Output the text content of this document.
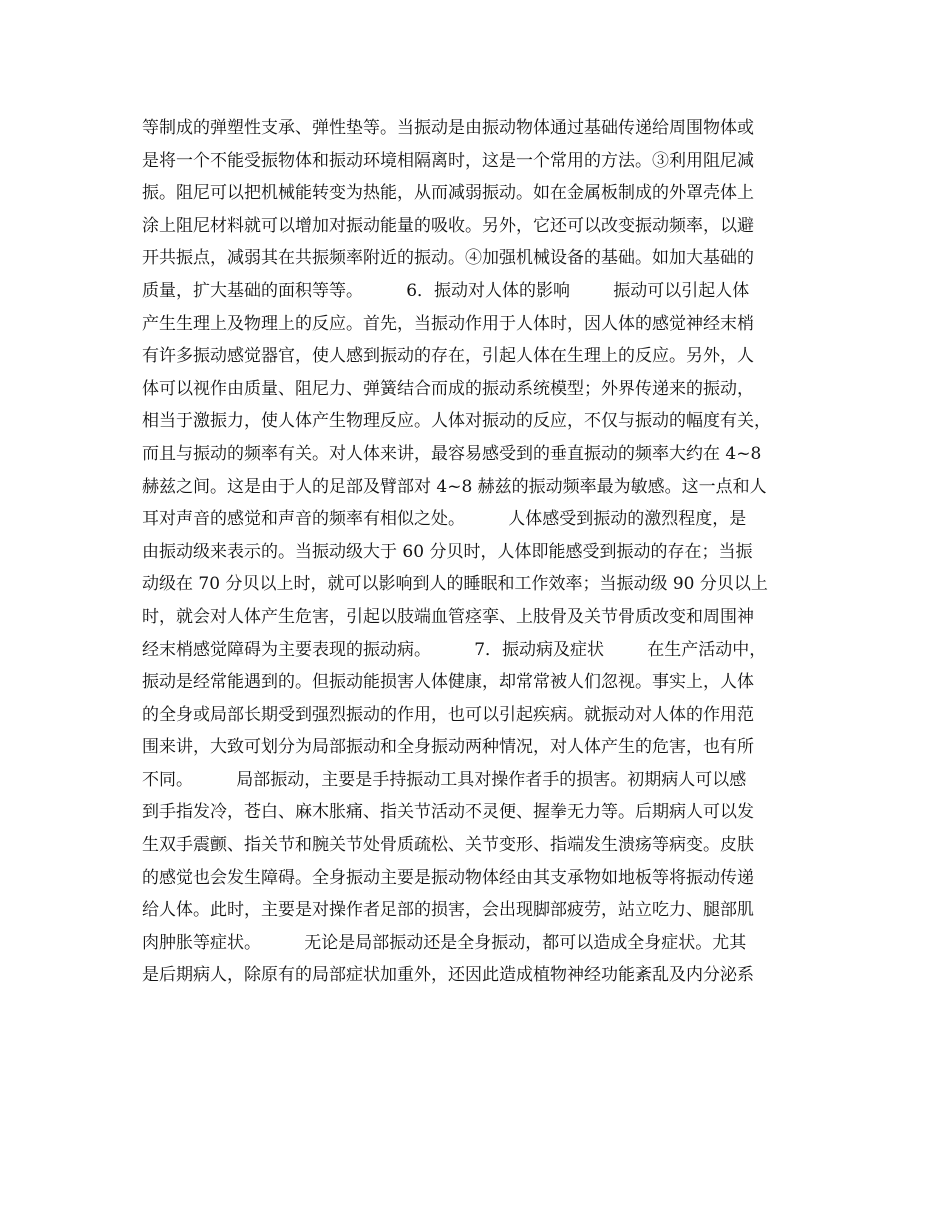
等制成的弹塑性支承、弹性垫等。当振动是由振动物体通过基础传递给周围物体或
是将一个不能受振物体和振动环境相隔离时，这是一个常用的方法。③利用阻尼减
振。阻尼可以把机械能转变为热能，从而减弱振动。如在金属板制成的外罩壳体上
涂上阻尼材料就可以增加对振动能量的吸收。另外，它还可以改变振动频率，以避
开共振点，减弱其在共振频率附近的振动。④加强机械设备的基础。如加大基础的
质量，扩大基础的面积等等。        6．振动对人体的影响        振动可以引起人体
产生生理上及物理上的反应。首先，当振动作用于人体时，因人体的感觉神经末梢
有许多振动感觉器官，使人感到振动的存在，引起人体在生理上的反应。另外，人
体可以视作由质量、阻尼力、弹簧结合而成的振动系统模型；外界传递来的振动，
相当于激振力，使人体产生物理反应。人体对振动的反应，不仅与振动的幅度有关，
而且与振动的频率有关。对人体来讲，最容易感受到的垂直振动的频率大约在 4~8
赫兹之间。这是由于人的足部及臂部对 4~8 赫兹的振动频率最为敏感。这一点和人
耳对声音的感觉和声音的频率有相似之处。        人体感受到振动的激烈程度，是
由振动级来表示的。当振动级大于 60 分贝时，人体即能感受到振动的存在；当振
动级在 70 分贝以上时，就可以影响到人的睡眠和工作效率；当振动级 90 分贝以上
时，就会对人体产生危害，引起以肢端血管痉挛、上肢骨及关节骨质改变和周围神
经末梢感觉障碍为主要表现的振动病。        7．振动病及症状        在生产活动中，
振动是经常能遇到的。但振动能损害人体健康，却常常被人们忽视。事实上，人体
的全身或局部长期受到强烈振动的作用，也可以引起疾病。就振动对人体的作用范
围来讲，大致可划分为局部振动和全身振动两种情况，对人体产生的危害，也有所
不同。        局部振动，主要是手持振动工具对操作者手的损害。初期病人可以感
到手指发冷，苍白、麻木胀痛、指关节活动不灵便、握拳无力等。后期病人可以发
生双手震颤、指关节和腕关节处骨质疏松、关节变形、指端发生溃疡等病变。皮肤
的感觉也会发生障碍。全身振动主要是振动物体经由其支承物如地板等将振动传递
给人体。此时，主要是对操作者足部的损害，会出现脚部疲劳，站立吃力、腿部肌
肉肿胀等症状。        无论是局部振动还是全身振动，都可以造成全身症状。尤其
是后期病人，除原有的局部症状加重外，还因此造成植物神经功能紊乱及内分泌系
